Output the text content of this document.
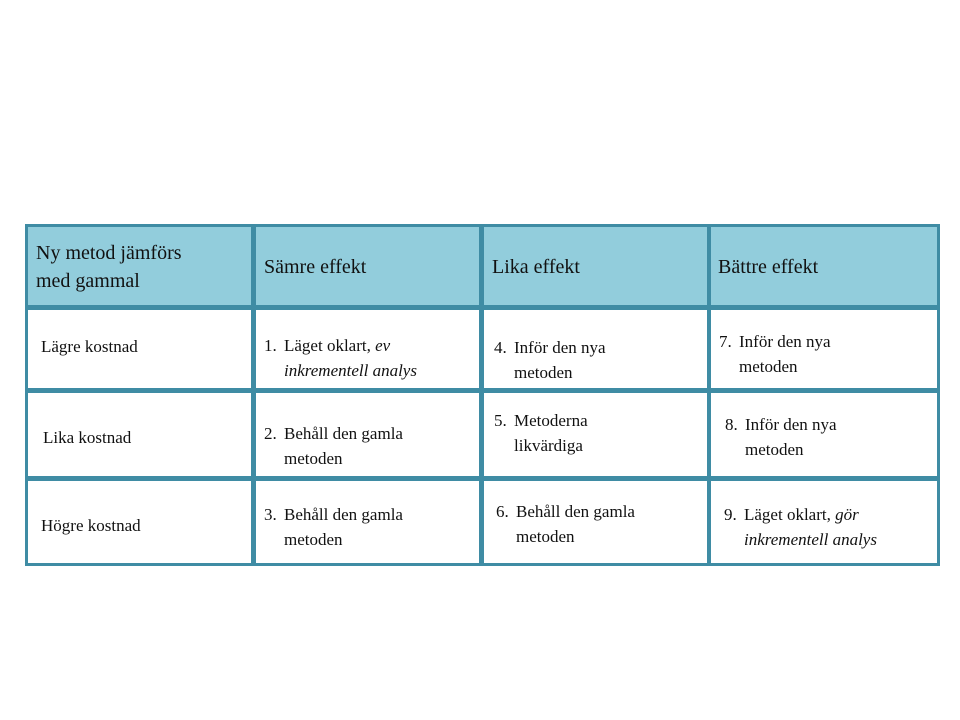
Ny metod jämförs
med gammal
Sämre effekt	Lika effekt	Bättre effekt
Lägre kostnad
Lika kostnad
Högre kostnad
1. Läget oklart, ev
inkrementell analys
2. Behåll den gamla
metoden
3. Behåll den gamla
metoden
4. Inför den nya
metoden
5. Metoderna
likvärdiga
6. Behåll den gamla
metoden
7. Inför den nya
metoden
8. Inför den nya
metoden
9. Läget oklart, gör
inkrementell analys
